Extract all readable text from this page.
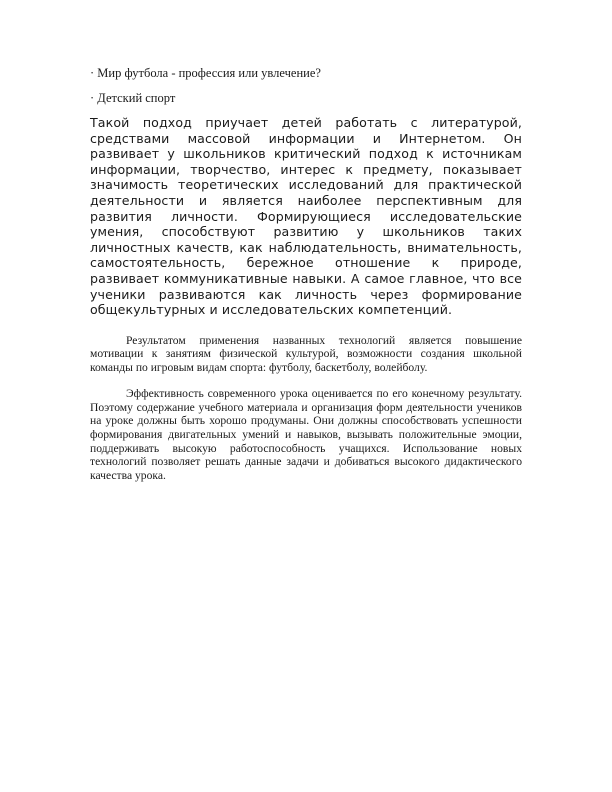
· Мир футбола - профессия или увлечение?

· Детский спорт

Такой подход приучает детей работать с литературой, средствами массовой информации и Интернетом. Он развивает у школьников критический подход к источникам информации, творчество, интерес к предмету, показывает значимость теоретических исследований для практической деятельности и является наиболее перспективным для развития личности. Формирующиеся исследовательские умения, способствуют развитию у школьников таких личностных качеств, как наблюдательность, внимательность, самостоятельность, бережное отношение к природе, развивает коммуникативные навыки. А самое главное, что все ученики развиваются как личность через формирование общекультурных и исследовательских компетенций.

Результатом применения названных технологий является повышение мотивации к занятиям физической культурой, возможности создания школьной команды по игровым видам спорта: футболу, баскетболу, волейболу.

Эффективность современного урока оценивается по его конечному результату. Поэтому содержание учебного материала и организация форм деятельности учеников на уроке должны быть хорошо продуманы. Они должны способствовать успешности формирования двигательных умений и навыков, вызывать положительные эмоции, поддерживать высокую работоспособность учащихся. Использование новых технологий позволяет решать данные задачи и добиваться высокого дидактического качества урока.
